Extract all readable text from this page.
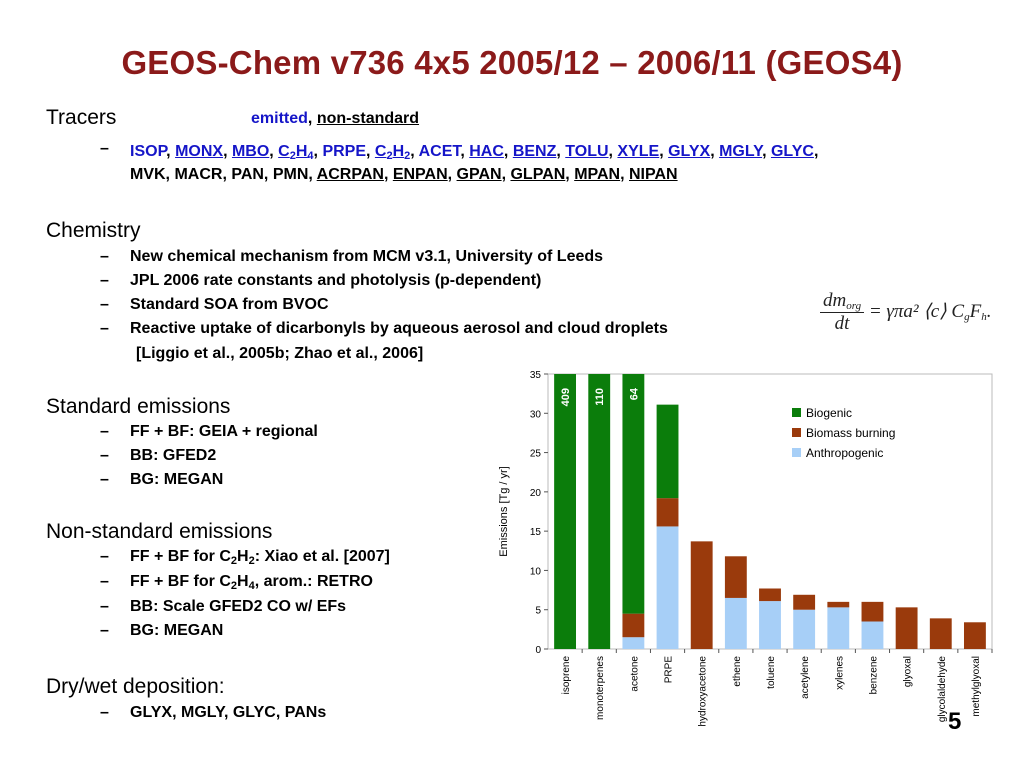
GEOS-Chem v736 4x5 2005/12 – 2006/11 (GEOS4)
Tracers	emitted, non-standard
– ISOP, MONX, MBO, $C_2H_4$, PRPE, $C_2H_2$, ACET, HAC, BENZ, TOLU, XYLE, GLYX, MGLY, GLYC,
MVK, MACR, PAN, PMN, ACRPAN, ENPAN, GPAN, GLPAN, MPAN, NIPAN
Chemistry
– New chemical mechanism from MCM v3.1, University of Leeds
– JPL 2006 rate constants and photolysis (p-dependent)
– Standard SOA from BVOC
– Reactive uptake of dicarbonyls by aqueous aerosol and cloud droplets
[Liggio et al., 2005b; Zhao et al., 2006]
$\frac{dm_{org}}{dt} = \gamma\pi a^2$ ⟨c⟩ $C_gF_h$.
Standard emissions
– FF + BF: GEIA + regional
– BB: GFED2
– BG: MEGAN
Non-standard emissions
– FF + BF for $C_2H_2$: Xiao et al. [2007]
– FF + BF for $C_2H_4$, arom.: RETRO
– BB: Scale GFED2 CO w/ EFs
– BG: MEGAN
Dry/wet deposition:
– GLYX, MGLY, GLYC, PANs
0
5
10
15
20
25
30
35
Emissions [Tg / yr]
isoprene
409
monoterpenes
110
acetone
64
PRPE hydroxyacetone ethene toluene acetylene xylenes benzene glyoxal glycolaldehyde methylglyoxal
Biogenic
Biomass burning
Anthropogenic
5
